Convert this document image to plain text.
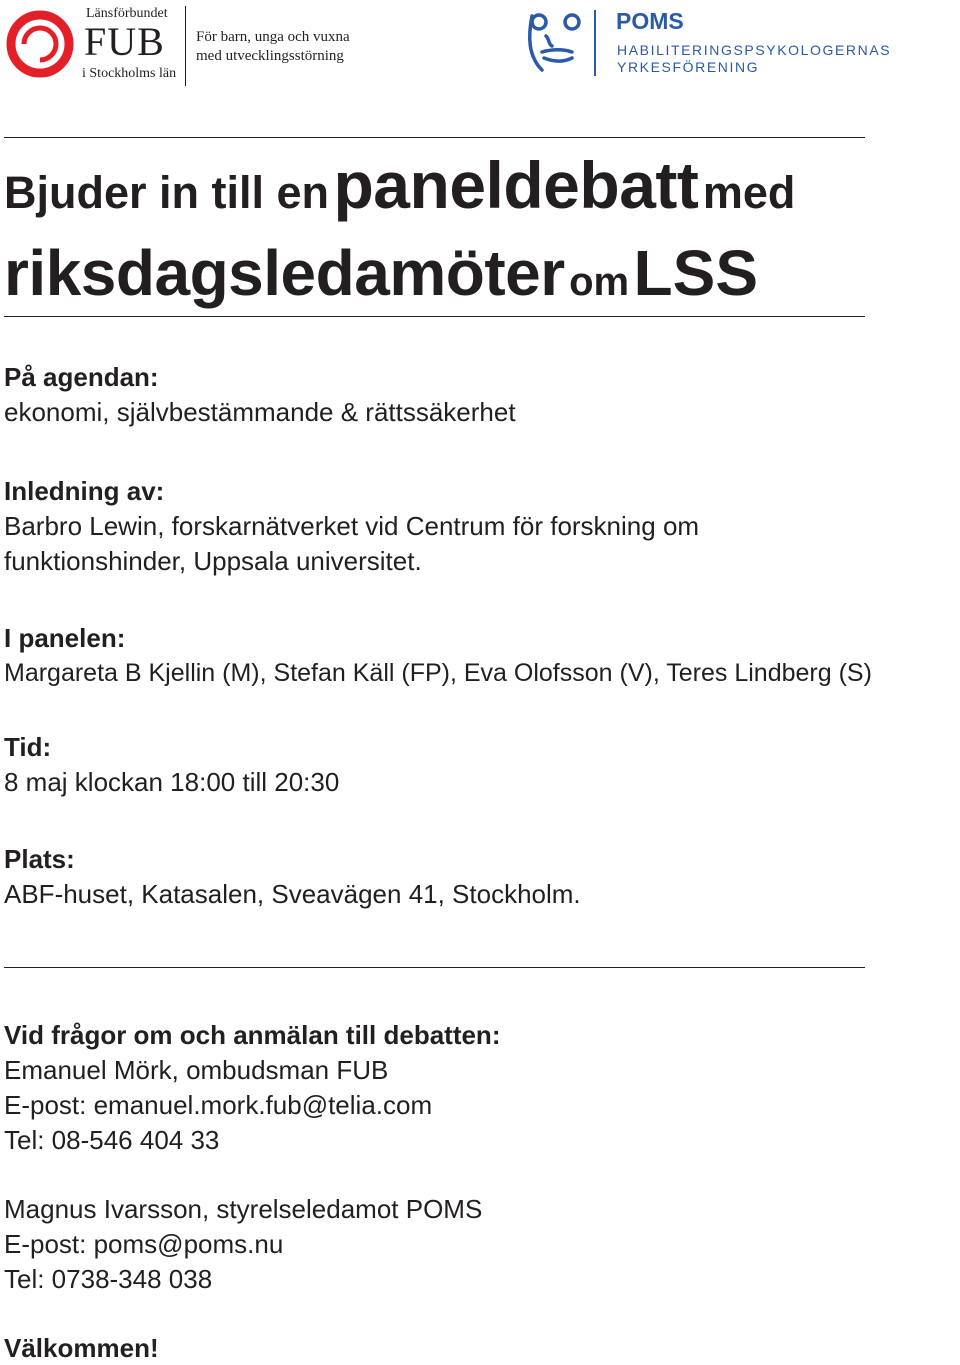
Länsförbundet
FUB
i Stockholms län
För barn, unga och vuxna
med utvecklingsstörning
POMS
HABILITERINGSPSYKOLOGERNAS
YRKESFÖRENING
Bjuder in till en paneldebatt med
riksdagsledamöter om LSS
På agendan:
ekonomi, självbestämmande & rättssäkerhet
Inledning av:
Barbro Lewin, forskarnätverket vid Centrum för forskning om
funktionshinder, Uppsala universitet.
I panelen:
Margareta B Kjellin (M), Stefan Käll (FP), Eva Olofsson (V), Teres Lindberg (S)
Tid:
8 maj klockan 18:00 till 20:30
Plats:
ABF-huset, Katasalen, Sveavägen 41, Stockholm.
Vid frågor om och anmälan till debatten:
Emanuel Mörk, ombudsman FUB
E-post: emanuel.mork.fub@telia.com
Tel: 08-546 404 33
Magnus Ivarsson, styrelseledamot POMS
E-post: poms@poms.nu
Tel: 0738-348 038
Välkommen!
